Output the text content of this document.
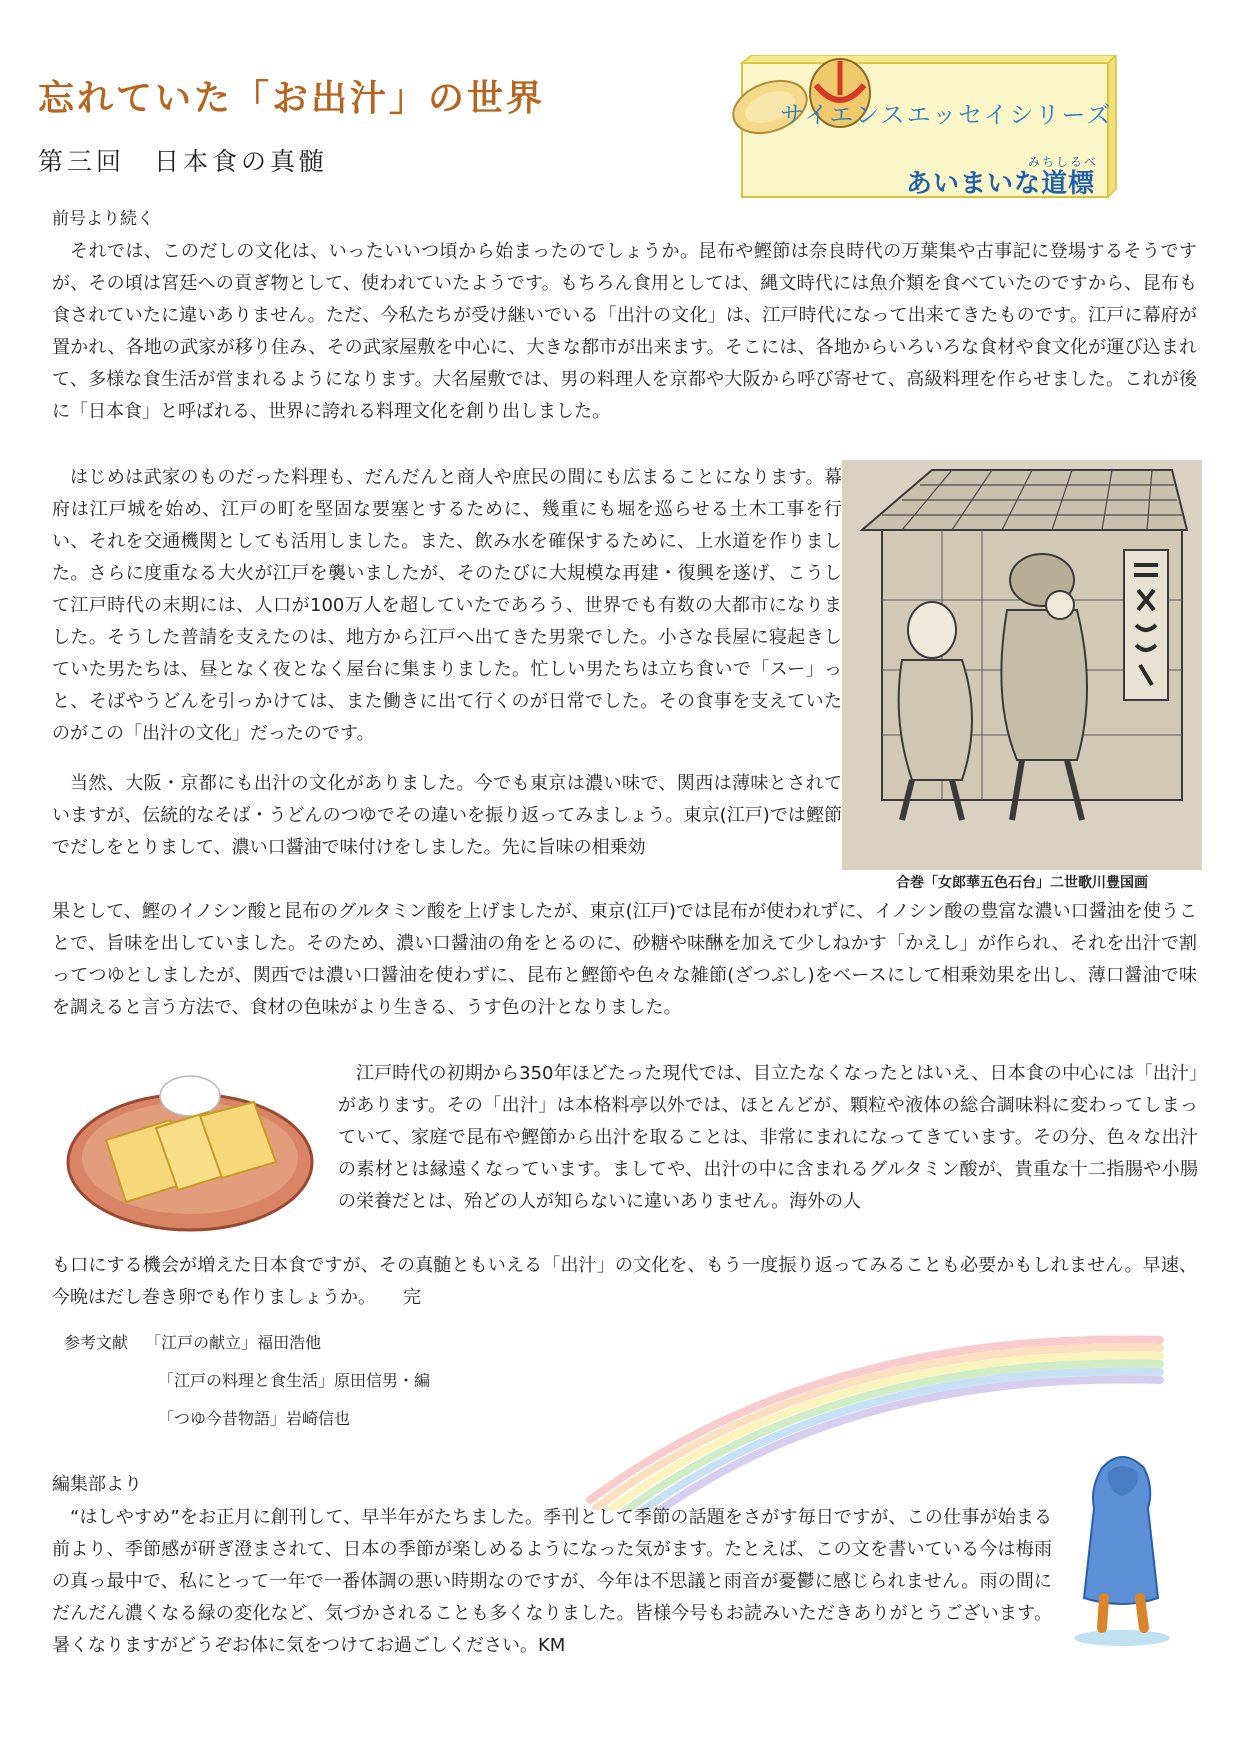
忘れていた「お出汁」の世界
第三回　日本食の真髄
サイエンスエッセイシリーズ
みちしるべ
あいまいな道標
前号より続く

それでは、このだしの文化は、いったいいつ頃から始まったのでしょうか。昆布や鰹節は奈良時代の万葉集や古事記に登場するそうですが、その頃は宮廷への貢ぎ物として、使われていたようです。もちろん食用としては、縄文時代には魚介類を食べていたのですから、昆布も食されていたに違いありません。ただ、今私たちが受け継いでいる「出汁の文化」は、江戸時代になって出来てきたものです。江戸に幕府が置かれ、各地の武家が移り住み、その武家屋敷を中心に、大きな都市が出来ます。そこには、各地からいろいろな食材や食文化が運び込まれて、多様な食生活が営まれるようになります。大名屋敷では、男の料理人を京都や大阪から呼び寄せて、高級料理を作らせました。これが後に「日本食」と呼ばれる、世界に誇れる料理文化を創り出しました。

はじめは武家のものだった料理も、だんだんと商人や庶民の間にも広まることになります。幕府は江戸城を始め、江戸の町を堅固な要塞とするために、幾重にも堀を巡らせる土木工事を行い、それを交通機関としても活用しました。また、飲み水を確保するために、上水道を作りました。さらに度重なる大火が江戸を襲いましたが、そのたびに大規模な再建・復興を遂げ、こうして江戸時代の末期には、人口が100万人を超していたであろう、世界でも有数の大都市になりました。そうした普請を支えたのは、地方から江戸へ出てきた男衆でした。小さな長屋に寝起きしていた男たちは、昼となく夜となく屋台に集まりました。忙しい男たちは立ち食いで「スー」っと、そばやうどんを引っかけては、また働きに出て行くのが日常でした。その食事を支えていたのがこの「出汁の文化」だったのです。

当然、大阪・京都にも出汁の文化がありました。今でも東京は濃い味で、関西は薄味とされていますが、伝統的なそば・うどんのつゆでその違いを振り返ってみましょう。東京(江戸)では鰹節でだしをとりまして、濃い口醤油で味付けをしました。先に旨味の相乗効

果として、鰹のイノシン酸と昆布のグルタミン酸を上げましたが、東京(江戸)では昆布が使われずに、イノシン酸の豊富な濃い口醤油を使うことで、旨味を出していました。そのため、濃い口醤油の角をとるのに、砂糖や味醂を加えて少しねかす「かえし」が作られ、それを出汁で割ってつゆとしましたが、関西では濃い口醤油を使わずに、昆布と鰹節や色々な雑節(ざつぶし)をベースにして相乗効果を出し、薄口醤油で味を調えると言う方法で、食材の色味がより生きる、うす色の汁となりました。

合巻「女郎華五色石台」二世歌川豊国画

江戸時代の初期から350年ほどたった現代では、目立たなくなったとはいえ、日本食の中心には「出汁」があります。その「出汁」は本格料亭以外では、ほとんどが、顆粒や液体の総合調味料に変わってしまっていて、家庭で昆布や鰹節から出汁を取ることは、非常にまれになってきています。その分、色々な出汁の素材とは縁遠くなっています。ましてや、出汁の中に含まれるグルタミン酸が、貴重な十二指腸や小腸の栄養だとは、殆どの人が知らないに違いありません。海外の人

も口にする機会が増えた日本食ですが、その真髄ともいえる「出汁」の文化を、もう一度振り返ってみることも必要かもしれません。早速、今晩はだし巻き卵でも作りましょうか。　　完

参考文献 「江戸の献立」福田浩他
「江戸の料理と食生活」原田信男・編
「つゆ今昔物語」岩崎信也
編集部より

“はしやすめ”をお正月に創刊して、早半年がたちました。季刊として季節の話題をさがす毎日ですが、この仕事が始まる前より、季節感が研ぎ澄まされて、日本の季節が楽しめるようになった気がます。たとえば、この文を書いている今は梅雨の真っ最中で、私にとって一年で一番体調の悪い時期なのですが、今年は不思議と雨音が憂鬱に感じられません。雨の間にだんだん濃くなる緑の変化など、気づかされることも多くなりました。皆様今号もお読みいただきありがとうございます。暑くなりますがどうぞお体に気をつけてお過ごしください。KM
